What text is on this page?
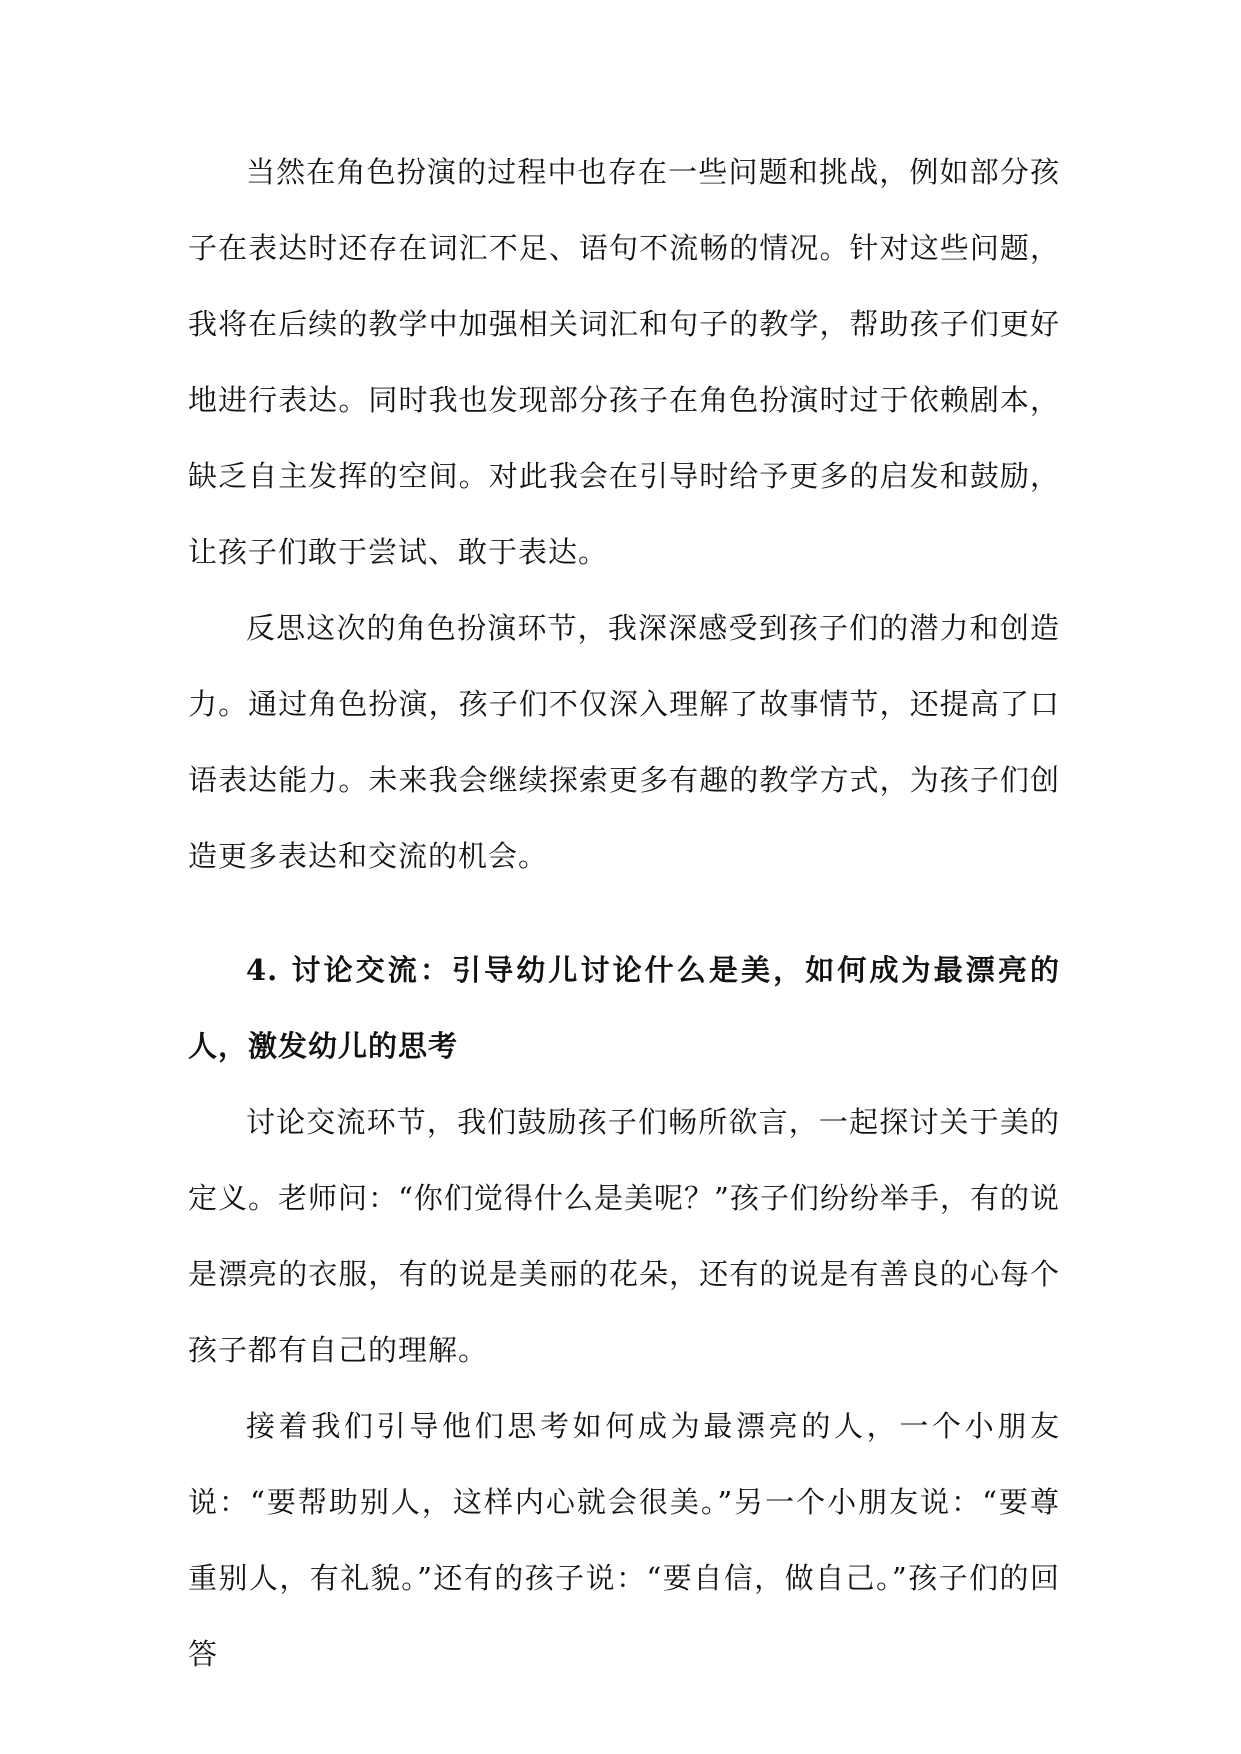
当然在角色扮演的过程中也存在一些问题和挑战，例如部分孩子在表达时还存在词汇不足、语句不流畅的情况。针对这些问题，我将在后续的教学中加强相关词汇和句子的教学，帮助孩子们更好地进行表达。同时我也发现部分孩子在角色扮演时过于依赖剧本，缺乏自主发挥的空间。对此我会在引导时给予更多的启发和鼓励，让孩子们敢于尝试、敢于表达。

反思这次的角色扮演环节，我深深感受到孩子们的潜力和创造力。通过角色扮演，孩子们不仅深入理解了故事情节，还提高了口语表达能力。未来我会继续探索更多有趣的教学方式，为孩子们创造更多表达和交流的机会。

4. 讨论交流：引导幼儿讨论什么是美，如何成为最漂亮的人，激发幼儿的思考

讨论交流环节，我们鼓励孩子们畅所欲言，一起探讨关于美的定义。老师问：“你们觉得什么是美呢？”孩子们纷纷举手，有的说是漂亮的衣服，有的说是美丽的花朵，还有的说是有善良的心每个孩子都有自己的理解。

接着我们引导他们思考如何成为最漂亮的人，一个小朋友说：“要帮助别人，这样内心就会很美。”另一个小朋友说：“要尊重别人，有礼貌。”还有的孩子说：“要自信，做自己。”孩子们的回答
